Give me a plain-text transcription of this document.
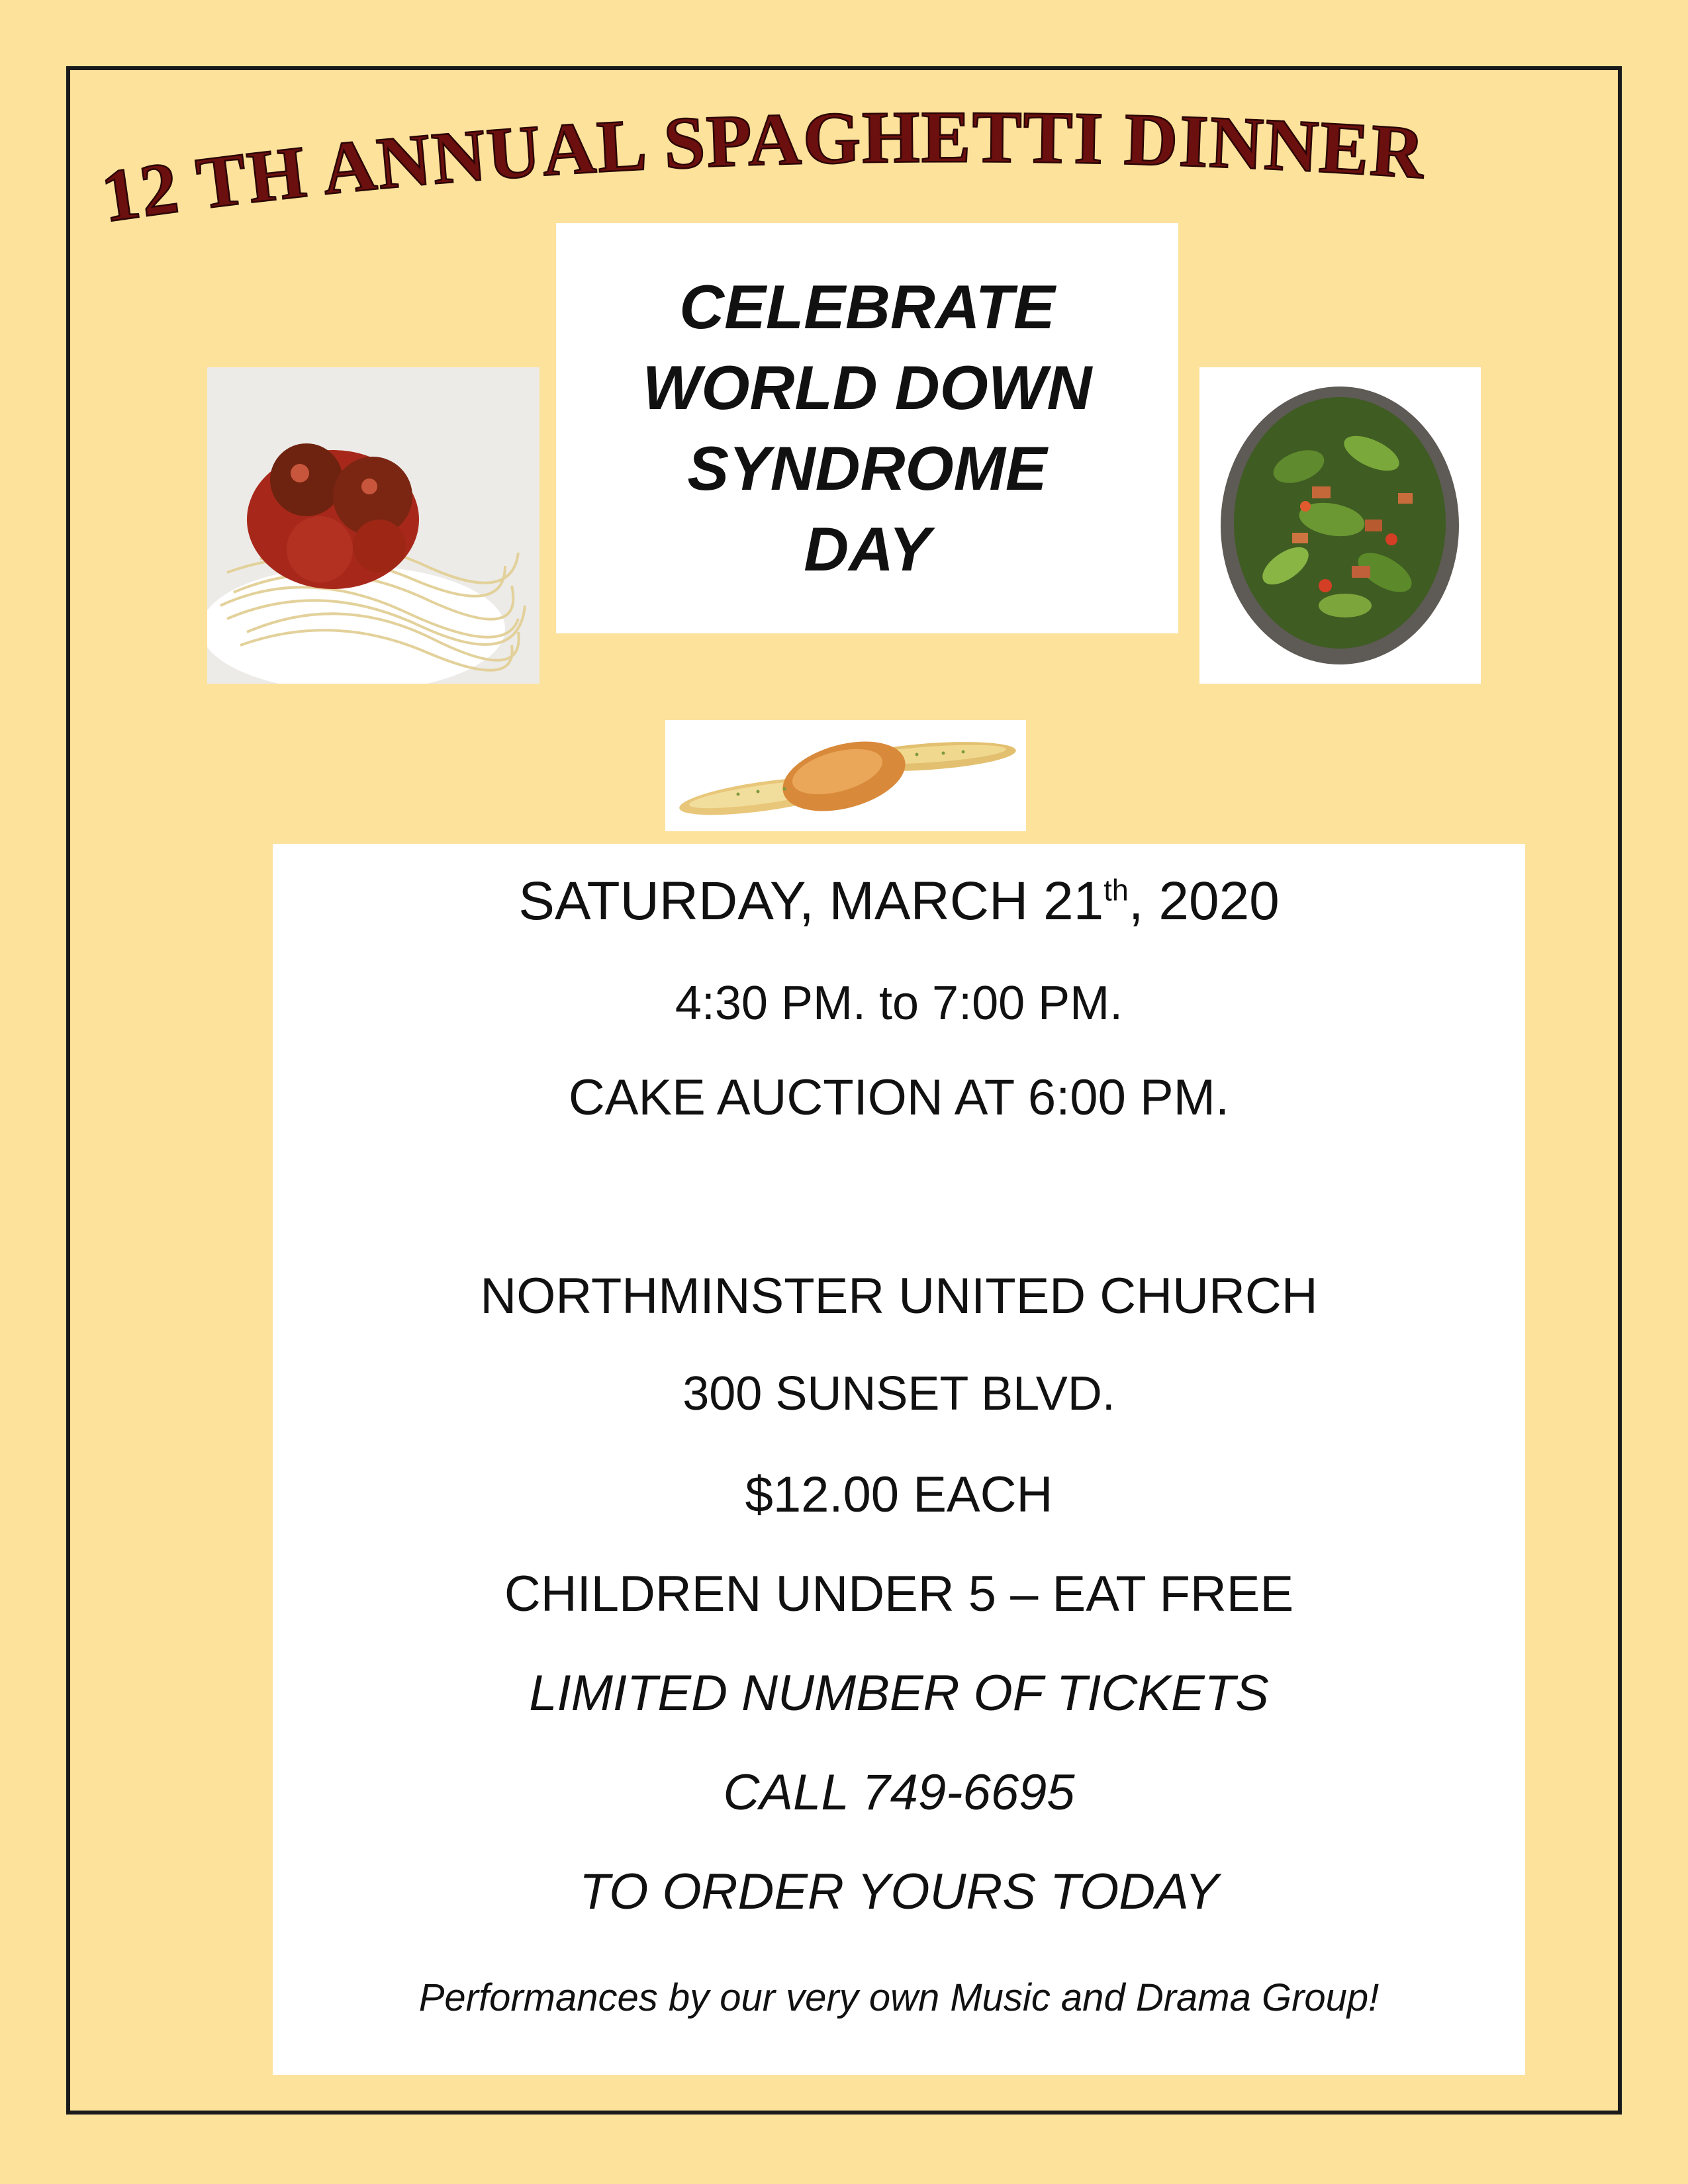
12 TH ANNUAL SPAGHETTI DINNER
CELEBRATE
WORLD DOWN
SYNDROME
DAY
SATURDAY, MARCH 21th, 2020
4:30 PM. to 7:00 PM.
CAKE AUCTION AT 6:00 PM.
NORTHMINSTER UNITED CHURCH
300 SUNSET BLVD.
$12.00 EACH
CHILDREN UNDER 5 – EAT FREE
LIMITED NUMBER OF TICKETS
CALL 749-6695
TO ORDER YOURS TODAY
Performances by our very own Music and Drama Group!
